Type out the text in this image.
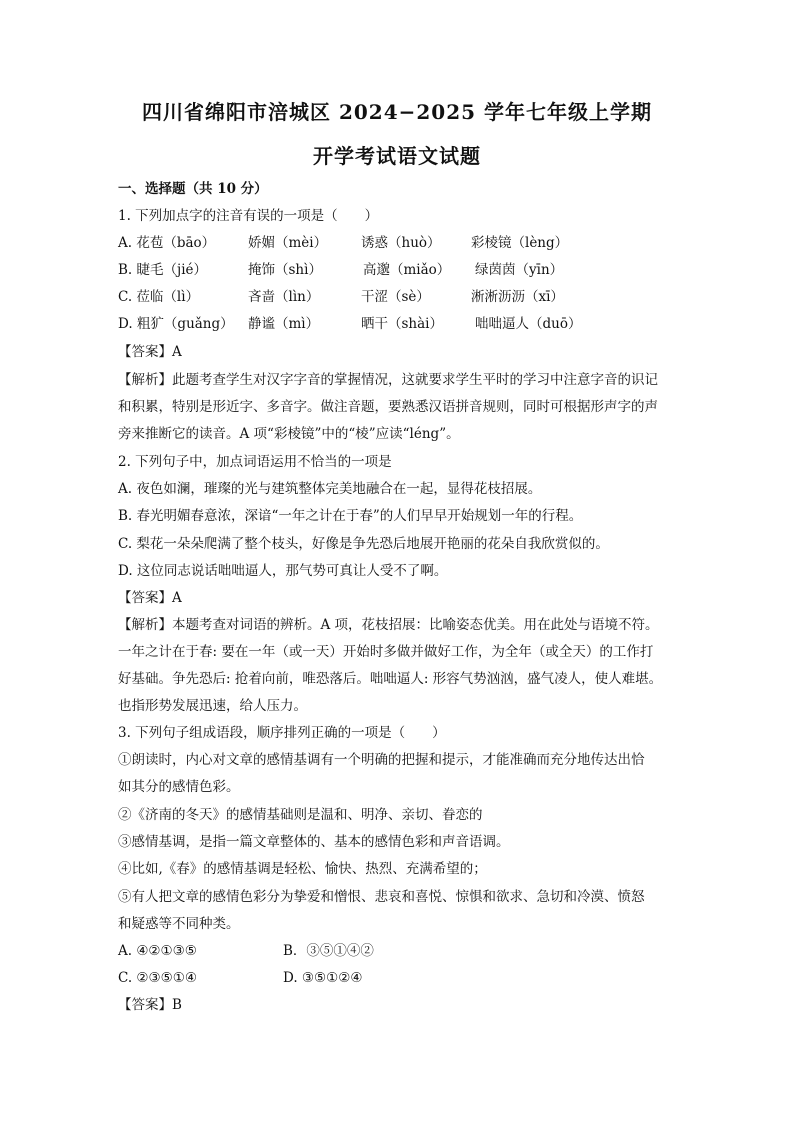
四川省绵阳市涪城区 2024−2025 学年七年级上学期
开学考试语文试题
一、选择题（共 10 分）
1. 下列加点字的注音有误的一项是（　　）
A. 花苞（bāo） 娇媚（mèi）	诱惑（huò） 彩棱镜（lèng）
B. 睫毛（jié）	掩饰（shì）	高邈（miǎo） 绿茵茵（yīn）
C. 莅临（lì）	吝啬（lìn）	干涩（sè）	淅淅沥沥（xī）
D. 粗犷（guǎng） 静谧（mì）	晒干（shài） 咄咄逼人（duō）
【答案】A
【解析】此题考查学生对汉字字音的掌握情况，这就要求学生平时的学习中注意字音的识记
和积累，特别是形近字、多音字。做注音题，要熟悉汉语拼音规则，同时可根据形声字的声
旁来推断它的读音。A 项“彩棱镜”中的“棱”应读“léng”。
2. 下列句子中，加点词语运用不恰当的一项是
A. 夜色如澜，璀璨的光与建筑整体完美地融合在一起，显得花枝招展。
B. 春光明媚春意浓，深谙“一年之计在于春”的人们早早开始规划一年的行程。
C. 梨花一朵朵爬满了整个枝头，好像是争先恐后地展开艳丽的花朵自我欣赏似的。
D. 这位同志说话咄咄逼人，那气势可真让人受不了啊。
【答案】A
【解析】本题考查对词语的辨析。A 项，花枝招展：比喻姿态优美。用在此处与语境不符。
一年之计在于春: 要在一年（或一天）开始时多做并做好工作，为全年（或全天）的工作打
好基础。争先恐后: 抢着向前，唯恐落后。咄咄逼人: 形容气势汹汹，盛气凌人，使人难堪。
也指形势发展迅速，给人压力。
3. 下列句子组成语段，顺序排列正确的一项是（　　）
①朗读时，内心对文章的感情基调有一个明确的把握和提示，才能准确而充分地传达出恰
如其分的感情色彩。
②《济南的冬天》的感情基础则是温和、明净、亲切、眷恋的
③感情基调，是指一篇文章整体的、基本的感情色彩和声音语调。
④比如,《春》的感情基调是轻松、愉快、热烈、充满希望的；
⑤有人把文章的感情色彩分为挚爱和憎恨、悲哀和喜悦、惊惧和欲求、急切和冷漠、愤怒
和疑惑等不同种类。
A. ④②①③⑤	B．③⑤①④②
C. ②③⑤①④	D. ③⑤①②④
【答案】B
